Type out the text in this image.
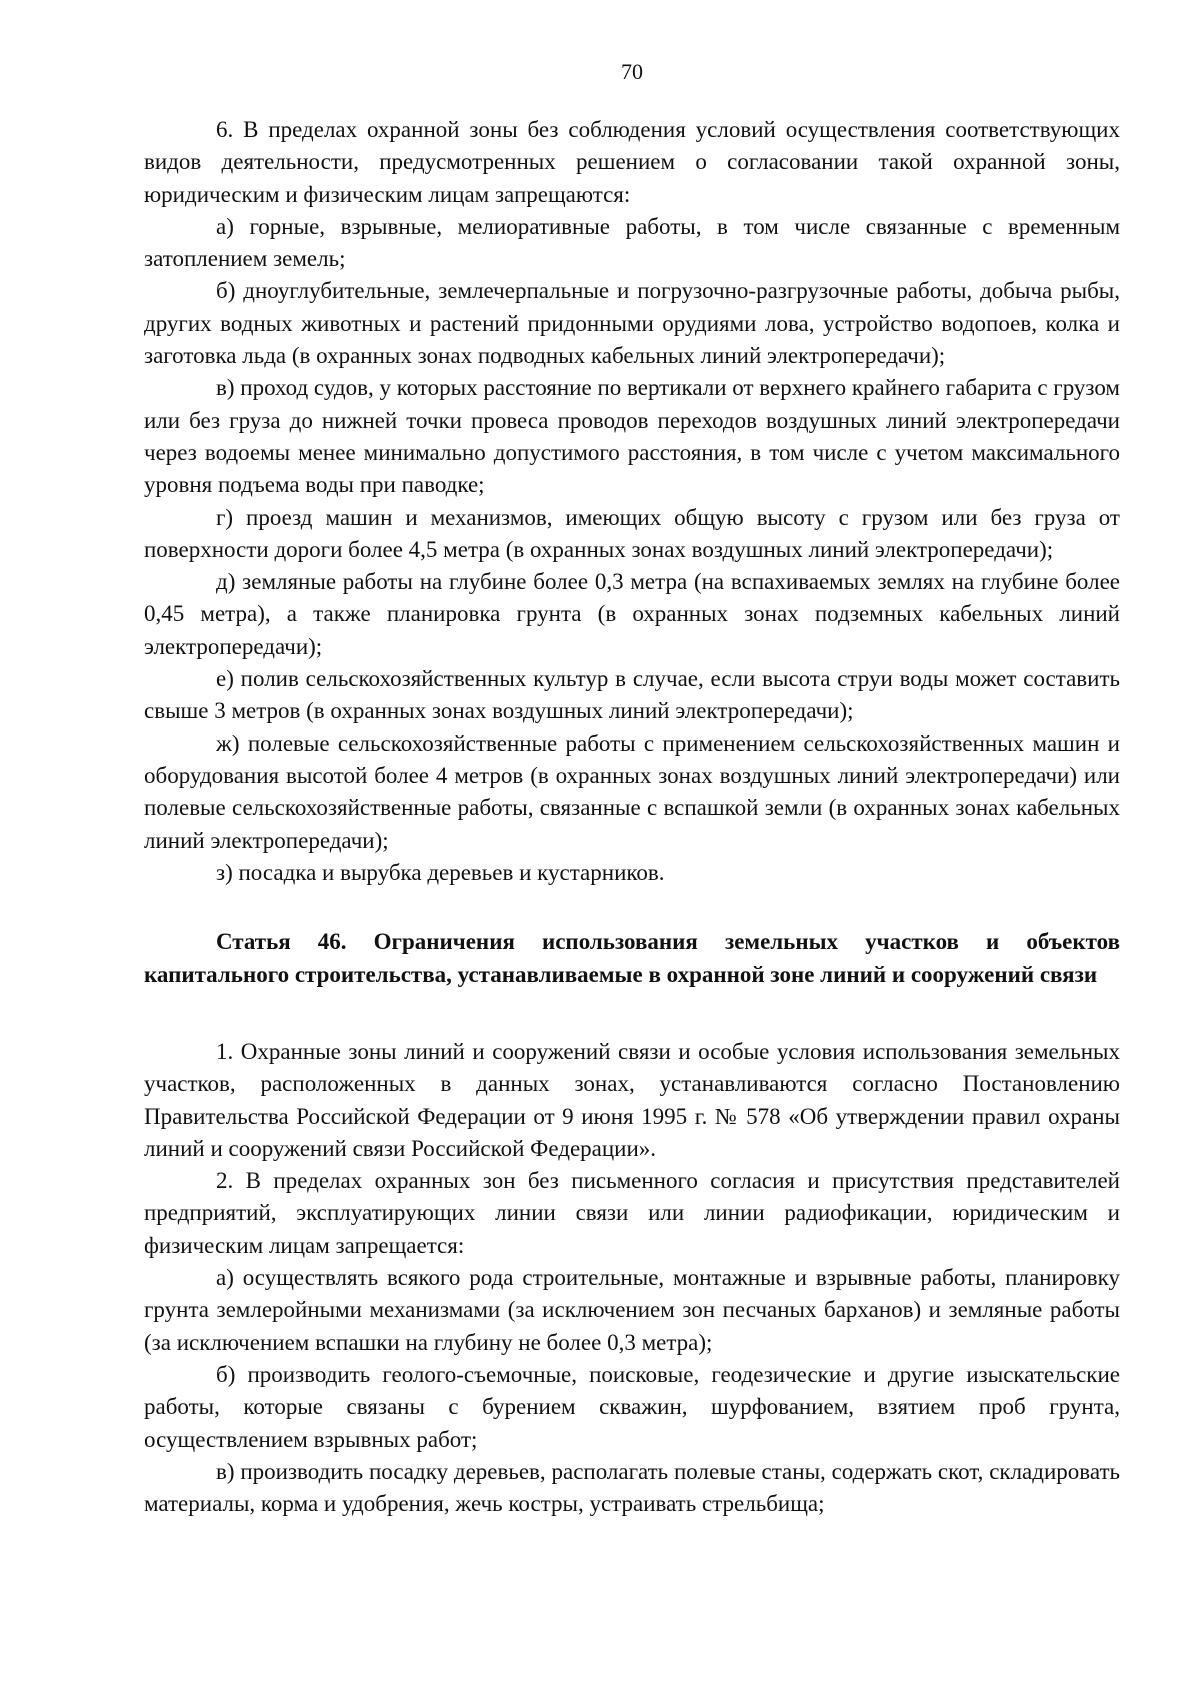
70

6. В пределах охранной зоны без соблюдения условий осуществления соответствующих видов деятельности, предусмотренных решением о согласовании такой охранной зоны, юридическим и физическим лицам запрещаются:

а) горные, взрывные, мелиоративные работы, в том числе связанные с временным затоплением земель;

б) дноуглубительные, землечерпальные и погрузочно-разгрузочные работы, добыча рыбы, других водных животных и растений придонными орудиями лова, устройство водопоев, колка и заготовка льда (в охранных зонах подводных кабельных линий электропередачи);

в) проход судов, у которых расстояние по вертикали от верхнего крайнего габарита с грузом или без груза до нижней точки провеса проводов переходов воздушных линий электропередачи через водоемы менее минимально допустимого расстояния, в том числе с учетом максимального уровня подъема воды при паводке;

г) проезд машин и механизмов, имеющих общую высоту с грузом или без груза от поверхности дороги более 4,5 метра (в охранных зонах воздушных линий электропередачи);

д) земляные работы на глубине более 0,3 метра (на вспахиваемых землях на глубине более 0,45 метра), а также планировка грунта (в охранных зонах подземных кабельных линий электропередачи);

е) полив сельскохозяйственных культур в случае, если высота струи воды может составить свыше 3 метров (в охранных зонах воздушных линий электропередачи);

ж) полевые сельскохозяйственные работы с применением сельскохозяйственных машин и оборудования высотой более 4 метров (в охранных зонах воздушных линий электропередачи) или полевые сельскохозяйственные работы, связанные с вспашкой земли (в охранных зонах кабельных линий электропередачи);

з) посадка и вырубка деревьев и кустарников.

Статья 46. Ограничения использования земельных участков и объектов капитального строительства, устанавливаемые в охранной зоне линий и сооружений связи

1. Охранные зоны линий и сооружений связи и особые условия использования земельных участков, расположенных в данных зонах, устанавливаются согласно Постановлению Правительства Российской Федерации от 9 июня 1995 г. № 578 «Об утверждении правил охраны линий и сооружений связи Российской Федерации».

2. В пределах охранных зон без письменного согласия и присутствия представителей предприятий, эксплуатирующих линии связи или линии радиофикации, юридическим и физическим лицам запрещается:

а) осуществлять всякого рода строительные, монтажные и взрывные работы, планировку грунта землеройными механизмами (за исключением зон песчаных барханов) и земляные работы (за исключением вспашки на глубину не более 0,3 метра);

б) производить геолого-съемочные, поисковые, геодезические и другие изыскательские работы, которые связаны с бурением скважин, шурфованием, взятием проб грунта, осуществлением взрывных работ;

в) производить посадку деревьев, располагать полевые станы, содержать скот, складировать материалы, корма и удобрения, жечь костры, устраивать стрельбища;
